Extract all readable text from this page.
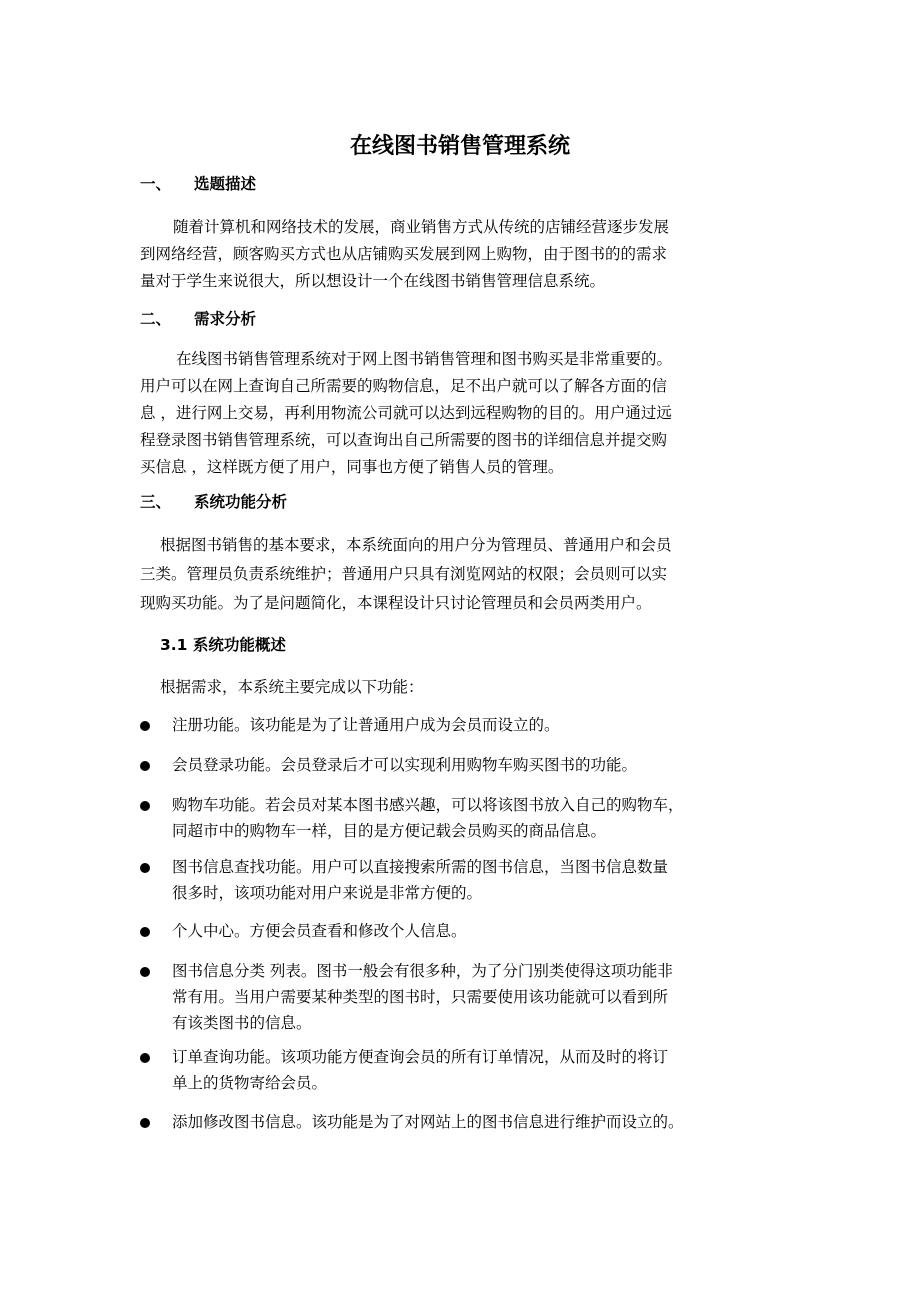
在线图书销售管理系统
一、 选题描述

随着计算机和网络技术的发展，商业销售方式从传统的店铺经营逐步发展
到网络经营，顾客购买方式也从店铺购买发展到网上购物，由于图书的的需求
量对于学生来说很大，所以想设计一个在线图书销售管理信息系统。

二、 需求分析

在线图书销售管理系统对于网上图书销售管理和图书购买是非常重要的。
用户可以在网上查询自己所需要的购物信息，足不出户就可以了解各方面的信
息 ，进行网上交易，再利用物流公司就可以达到远程购物的目的。用户通过远
程登录图书销售管理系统，可以查询出自己所需要的图书的详细信息并提交购
买信息 ，这样既方便了用户，同事也方便了销售人员的管理。

三、 系统功能分析

根据图书销售的基本要求，本系统面向的用户分为管理员、普通用户和会员
三类。管理员负责系统维护；普通用户只具有浏览网站的权限；会员则可以实
现购买功能。为了是问题简化，本课程设计只讨论管理员和会员两类用户。

3.1 系统功能概述

根据需求，本系统主要完成以下功能：

注册功能。该功能是为了让普通用户成为会员而设立的。
会员登录功能。会员登录后才可以实现利用购物车购买图书的功能。
购物车功能。若会员对某本图书感兴趣，可以将该图书放入自己的购物车，
同超市中的购物车一样，目的是方便记载会员购买的商品信息。
图书信息查找功能。用户可以直接搜索所需的图书信息，当图书信息数量
很多时，该项功能对用户来说是非常方便的。
个人中心。方便会员查看和修改个人信息。
图书信息分类 列表。图书一般会有很多种，为了分门别类使得这项功能非
常有用。当用户需要某种类型的图书时，只需要使用该功能就可以看到所
有该类图书的信息。
订单查询功能。该项功能方便查询会员的所有订单情况，从而及时的将订
单上的货物寄给会员。
添加修改图书信息。该功能是为了对网站上的图书信息进行维护而设立的。
